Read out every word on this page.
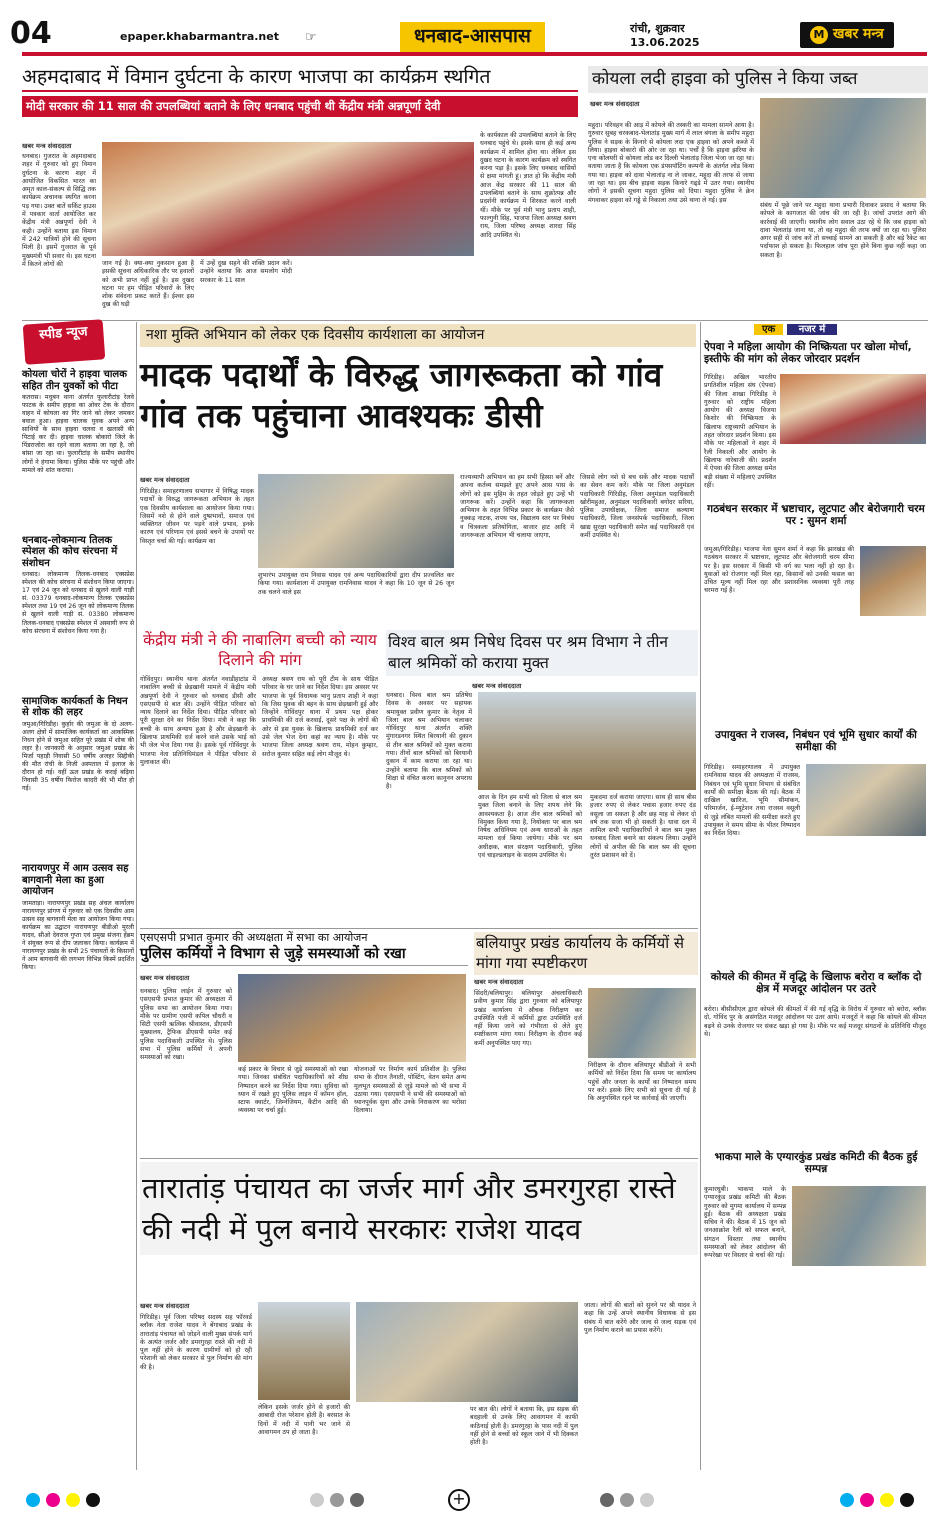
04	epaper.khabarmantra.net ☞	धनबाद-आसपास	रांची, शुक्रवार
13.06.2025
M खबर मन्त्र
अहमदाबाद में विमान दुर्घटना के कारण भाजपा का कार्यक्रम स्थगित
मोदी सरकार की 11 साल की उपलब्धियां बताने के लिए धनबाद पहुंची थी केंद्रीय मंत्री अन्नपूर्णा देवी
खबर मन्त्र संवाददाता
धनबाद। गुजरात के अहमदाबाद शहर में गुरुवार को हुए विमान दुर्घटना के कारण शहर में आयोजित विकसित भारत का अमृत काल-संकल्प से सिद्धि तक कार्यक्रम अचानक स्थगित करना पड़ गया। उक्त बातें सर्किट हाउस में पत्रकार वार्ता आयोजित कर केंद्रीय मंत्री अन्नपूर्णा देवी ने कही। उन्होंने बताया इस विमान में 242 यात्रियों होने की सूचना मिली है। इसमें गुजरात के पूर्व मुख्यमंत्री भी सवार थे। इस घटना में कितने लोगों की	जान गई है। क्या-क्या नुकसान हुआ है इसकी सूचना अधिकारिक तौर पर हवालों को अभी प्राप्त नहीं हुई है। इस दुखद घटना पर हम पीड़ित परिवारों के लिए शोक संवेदना प्रकट करते हैं। ईश्वर इस दुख की घड़ी
में उन्हें दुख सहने की शक्ति प्रदान करें। उन्होंने बताया कि आज समलोग मोदी सरकार के 11 साल
के कार्यकाल की उपलब्धियां बताने के लिए धनबाद पहुंचे थे। इसके साथ ही कई अन्य कार्यक्रम में शामिल होना था। लेकिन इस दुखद घटना के कारण कार्यक्रम को स्थगित करना पड़ा है। इसके लिए धनबाद वासियों से क्षमा मांगती हूं। ज्ञात हो कि केंद्रीय मंत्री आज केंद्र सरकार की 11 साल की उपलब्धियां बताने के साथ शुक्रोत्पन्न और प्रदर्शनी कार्यक्रम में शिरकत करने वाली थीं। मौके पर पूर्व मंत्री भानु प्रताप शाही, फाल्गुनी सिंह, भाजपा जिला अध्यक्ष श्रवण राय, जिला परिषद अध्यक्ष शारदा सिंह आदि उपस्थित थे।
कोयला लदी हाइवा को पुलिस ने किया जब्त
खबर मन्त्र संवाददाता
महुदा। परिवहन की आड़ में कोयले की तस्करी का मामला सामने आया है। गुरुवार सुबह चरकबाद-भेलातांड़ मुख्य मार्ग में लाल बंगला के समीप महुदा पुलिस ने सड़क के किनारे से कोयला लदा एक हाइवा को अपने कब्जे में लिया। हाइवा बोकारो की ओर जा रहा था। पर्चों है कि हाइवा झरिया के एना कोलयरी से कोयला लोड कर दिल्ली भेलातांड़ जिला भेजा जा रहा था। वताया जाता है कि कोयला एक डंपसपॉटिंग कम्पनी के अंतर्गत लोड किया गया था। हाइवा को दावा भेलातांड़ ना ले जाकर, महुदा की तरफ से जाया जा रहा था। इस बीच हाइवा सड़क किनारे गढ्डे में उतर गया। स्थानीय लोगों ने इसकी सूचना महुदा पुलिस को दिया। महुदा पुलिस ने क्रेन मंगवाकर हाइवा को गड्डे से निकाला तथा उसे थाना ले गई। इस
संबंध में पूछे जाने पर महुदा थाना प्रभारी दिवाकर प्रसाद ने बताया कि कोयले के कागजात की जांच की जा रही है। जांचों उपरांत आगे की कार्रवाई की जाएगी। स्थानीय लोग सवाल उठा रहे थे कि जब हाइवा को दावा भेलातांड़ जाना था, तो वह महुदा की तरफ क्यों जा रहा था। पुलिस अगर सही से जांच करें तो सच्चाई सामने आ सकती है और बड़े रैकेट का पर्दाफाश हो सकता है। फिलहाल जांच पूरा होने बिना कुछ नहीं कहा जा सकता है।
स्पीड न्यूज
कोयला चोरों ने हाइवा चालक सहित तीन युवकों को पीटा
कतरास। मधुबन थाना अंतर्गत फूलारीटांड़ रेलवे फाटक के समीप हाइवा का ओवर टेक के दौरान वाहन में कोयला का गिर जाने को लेकर जमकर बवाल हुआ। हाइवा चालक युवक अपने अन्य साथियों के साथ हाइवा चलवा व खलासी की पिटाई कर दी। हाइवा चालक बोकारो जिले के पिंडराजोरा का रहने वाला बताया जा रहा है, जो बांसा जा रहा था। फुलारीटांड़ के समीप स्थानीय लोगों ने हंगामा किया। पुलिस मौके पर पहुंची और मामले को शांत कराया।
धनबाद-लोकमान्य तिलक स्पेशल की कोच संरचना में संशोधन
धनबाद। लोकमान्य तिलक-धनबाद एक्सप्रेस स्पेशल की कोच संरचना में संशोधन किया जाएगा। 17 एवं 24 जून को धनबाद से खुलने वाली गाड़ी सं. 03379 धनबाद-लोकमान्य तिलक एक्सप्रेस स्पेशल तथा 19 एवं 26 जून को लोकमान्य तिलक से खुलने वाली गाड़ी सं. 03380 लोकमान्य तिलक-धनबाद एक्सप्रेस स्पेशल में अस्थायी रूप से कोच संरचना में संशोधन किया गया है।
सामाजिक कार्यकर्ता के निधन से शोक की लहर
जमुआ/गिरिडीह। कुर्हार की जमुआ के दो अलग-अलग क्षेत्रों में सामाजिक कार्यकर्ता का आकस्मिक निधन होने से जमुआ सहित पूरे प्रखंड में शोक की लहर है। जानकारी के अनुसार जमुआ प्रखंड के मिर्जा पहाड़ी निवासी 50 वर्षीय अजहर सिद्दीकी की मौत रांची के निजी अस्पताल में इलाज के दौरान हो गई। वहीं ऊल प्रखंड के कराई बढ़िया निवासी 35 वर्षीय फिरोज कादरी की भी मौत हो गई।
नारायणपुर में आम उत्सव सह बागवानी मेला का हुआ आयोजन
जामताड़ा। नारायणपुर प्रखंड सह अंचल कार्यालय नारायणपुर प्रांगण में गुरुवार को एक दिवसीय आम उत्सव सह बागवानी मेला का आयोजन किया गया। कार्यक्रम का उद्घाटन नारायणपुर बीडीओ मुरली यादव, सीओ देवराज गुप्ता एवं प्रमुख संजना हेंब्रम ने संयुक्त रूप से दीप जलाकर किया। कार्यक्रम में नारायणपुर प्रखंड के सभी 25 पंचायतों के किसानों ने आम बागवानी की लगभग विभिन्न किस्में प्रदर्शित किया।
नशा मुक्ति अभियान को लेकर एक दिवसीय कार्यशाला का आयोजन
मादक पदार्थों के विरुद्ध जागरूकता को गांव गांव तक पहुंचाना आवश्यकः डीसी
खबर मन्त्र संवाददाता
गिरिडीह। समाहरणालय सभागार में निषिद्ध मादक पदार्थों के विरुद्ध जागरूकता अभियान के तहत एक दिवसीय कार्यशाला का आयोजन किया गया। जिसमें नशे से होने वाले दुष्प्रभावों, समाज एवं व्यक्तिगत जीवन पर पड़ने वाले प्रभाव, इनके कारण एवं परिणाम एवं इससे बचने के उपायों पर विस्तृत चर्चा की गई। कार्यक्रम का
शुभारंभ उपायुक्त राम निवास यादव एवं अन्य पदाधिकारियों द्वारा दीप प्रज्वलित कर किया गया। कार्यशाला में उपायुक्त रामनिवास यादव ने कहा कि 10 जून से 26 जून तक चलने वाले इस
राज्यव्यापी अभियान का हम सभी हिस्सा बनें और अपना कर्तव्य समझते हुए अपने आस पास के लोगों को इस मुहिम के तहत जोड़ते हुए उन्हें भी जागरूक करें। उन्होंने कहा कि जागरूकता अभियान के तहत विभिन्न प्रकार के कार्यक्रम जैसे नुक्कड़ नाटक, शपथ पत्र, विद्यालय स्तर पर निबंध व चित्रकला प्रतियोगिता, बाजार हाट आदि में जागरूकता अभियान भी चलाया जाएगा,
जिससे लोग नशे से बच सकें और मादक पदार्थों का सेवन कम करें। मौके पर जिला अनुमंडल पदाधिकारी गिरिडीह, जिला अनुमंडल पदाधिकारी खोरीमहुआ, अनुमंडल पदाधिकारी बगोदर सरिया, पुलिस उपाधीक्षक, जिला समाज कल्याण पदाधिकारी, जिला जनसंपर्क पदाधिकारी, जिला खाद्य सुरक्षा पदाधिकारी समेत कई पदाधिकारी एवं कर्मी उपस्थित थे।
केंद्रीय मंत्री ने की नाबालिग बच्ची को न्याय दिलाने की मांग
गोविंदपुर। स्थानीय थाना अंतर्गत नवाडीहाटांड में नाबालिग बच्ची से छेड़खानी मामले में केंद्रीय मंत्री अन्नपूर्णा देवी ने गुरुवार को धनबाद डीसी और एसएसपी से बात की। उन्होंने पीड़ित परिवार को न्याय दिलाने का निर्देश दिया। पीड़ित परिवार को पूरी सुरक्षा देने का निर्देश दिया। मंत्री ने कहा कि बच्ची के साथ अन्याय हुआ है और छेड़खानी के खिलाफ प्राथमिकी दर्ज करने वाले उसके भाई को भी जेल भेज दिया गया है। इसके पूर्व गोविंदपुर के भाजपा नेता प्रतिनिधिमंडल ने पीड़ित परिवार से मुलाकात की।
अध्यक्ष श्रवण राय को पूरी टीम के साथ पीड़ित परिवार के घर जाने का निर्देश दिया। इस अवसर पर भाजपा के पूर्व विधायक भानु प्रताप शाही ने कहा कि जिस युवक की बहन के साथ छेड़खानी हुई और जिन्होंने गोविंदपुर थाना में प्रथम पक्ष होकर प्राथमिकी की दर्ज करवाई, दूसरे पक्ष के लोगों की ओर से इस युवक के खिलाफ प्राथमिकी दर्ज कर उसे जेल भेज देना कहां का न्याय है। मौके पर भाजपा जिला अध्यक्ष श्रवण राय, मोहन कुम्हार, सरोज कुमार सहित कई लोग मौजूद थे।
विश्व बाल श्रम निषेध दिवस पर श्रम विभाग ने तीन बाल श्रमिकों को कराया मुक्त
खबर मन्त्र संवाददाता
धनबाद। विश्व बाल श्रम प्रतिषेध दिवस के अवसर पर सहायक श्रमायुक्त प्रवीण कुमार के नेतृत्व में जिला बाल श्रम अभियान चलाकर गोविंदपुर थाना अंतर्गत शक्ति मुंगारडनगर स्थित बिरयानी की दुकान से तीन बाल श्रमिकों को मुक्त कराया गया। तीनों बाल श्रमिकों को बिरयानी दुकान में काम कराया जा रहा था। उन्होंने बताया कि बाल श्रमिकों को शिक्षा से वंचित करना कानूनन अपराध है।
आज के दिन हम सभी को जिला से बाल श्रम मुक्त जिला बनाने के लिए शपथ लेने कि आवश्यकता है। आज तीन बाल श्रमिकों को विमुक्त किया गया है, नियोक्ता पर बाल श्रम निषेध अधिनियम एवं अन्य धाराओं के तहत मामला दर्ज किया जायेगा। मौके पर श्रम अधीक्षक, बाल संरक्षण पदाधिकारी, पुलिस एवं चाइल्डलाइन के सदस्य उपस्थित थे।
मुकदमा दर्ज कराया जाएगा। साथ ही साथ बीस हजार रुपए से लेकर पचास हजार रुपए दंड वसूला जा सकता है और छह माह से लेकर दो वर्ष तक सजा भी हो सकती है। धावा दल में शामिल सभी पदाधिकारियों ने बाल श्रम मुक्त धनबाद जिला बनाने का संकल्प लिया। उन्होंने लोगों से अपील की कि बाल श्रम की सूचना तुरंत प्रशासन को दें।
एसएसपी प्रभात कुमार की अध्यक्षता में सभा का आयोजन
पुलिस कर्मियों ने विभाग से जुड़े समस्याओं को रखा
खबर मन्त्र संवाददाता
धनबाद। पुलिस लाईन में गुरुवार को एसएसपी प्रभात कुमार की अध्यक्षता में पुलिस सभा का आयोजन किया गया। मौके पर ग्रामीण एसपी कपिल चौधरी व सिटी एसपी ऋत्विक श्रीवास्तव, डीएसपी मुख्यालय, ट्रैफिक डीएसपी समेत कई पुलिस पदाधिकारी उपस्थित थे। पुलिस सभा में पुलिस कर्मियों ने अपनी समस्याओं को रखा।
कई प्रकार के विचार से जुड़े समस्याओं को रखा गया। जिनका संबंधित पदाधिकारियों को शीघ्र निष्पादन करने का निर्देश दिया गया। सुविधा को ध्यान में रखते हुए पुलिस लाइन में कॉमन हॉल, स्टाफ क्वार्टर, जिम्नेजियम, कैंटीन आदि की व्यवस्था पर चर्चा हुई।
योजनाओं पर निर्माण कार्य प्रतिशील है। पुलिस सभा के दौरान तैनाती, पोस्टिंग, वेतन समेत अन्य मूलभूत समस्याओं से जुड़े मामले को भी सभा में उठाया गया। एसएसपी ने सभी की समस्याओं को ध्यानपूर्वक सुना और उनके निराकरण का भरोसा दिलाया।
बलियापुर प्रखंड कार्यालय के कर्मियों से मांगा गया स्पष्टीकरण
खबर मन्त्र संवाददाता
सिंदरी/बलियापुर। बलियापुर अंचलाधिकारी प्रवीण कुमार सिंह द्वारा गुरुवार को बलियापुर प्रखंड कार्यालय में औचक निरीक्षण कर उपस्थिति पंजी में कर्मियों द्वारा उपस्थिति दर्ज नहीं किया जाने को गंभीरता से लेते हुए स्पष्टीकरण मांगा गया। निरीक्षण के दौरान कई कर्मी अनुपस्थित पाए गए।
निरीक्षण के दौरान बलियापुर बीडीओ ने सभी कर्मियों को निर्देश दिया कि समय पर कार्यालय पहुंचें और जनता के कार्यों का निष्पादन समय पर करें। इसके लिए सभी को सूचना दी गई है कि अनुपस्थित रहने पर कार्रवाई की जाएगी।
तारातांड़ पंचायत का जर्जर मार्ग और डमरगुरहा रास्ते की नदी में पुल बनाये सरकारः राजेश यादव
खबर मन्त्र संवाददाता
गिरिडीह। पूर्व जिला परिषद सदस्य सह फॉरवर्ड ब्लॉक नेता राजेश यादव ने बेंगाबाद प्रखंड के तारातांड़ पंचायत को जोड़ने वाली मुख्य संपर्क मार्ग के अत्यंत जर्जर और डमरगुरहा रास्ते की नदी में पुल नहीं होने के कारण ग्रामीणों को हो रही परेशानी को लेकर सरकार से पुल निर्माण की मांग की है।
लेकिन इसके जर्जर होने से हजारों की आबादी रोज परेशान होती है। बरसात के दिनों में नदी में पानी भर जाने से आवागमन ठप हो जाता है।
पर बात की। लोगों ने बताया कि, इस सड़क की बदहाली से उनके लिए आवागमन में काफी कठिनाई होती है। डमरगुरहा के पास नदी में पुल नहीं होने से बच्चों को स्कूल जाने में भी दिक्कत होती है।
जाता। लोगों की बातों को सुनने पर श्री यादव ने कहा कि उन्हें अपने स्थानीय विधायक से इस संबंध में बात करेंगे और जल्द से जल्द सड़क एवं पुल निर्माण कराने का प्रयास करेंगे।
एक नजर में
ऐपवा ने महिला आयोग की निष्क्रियता पर खोला मोर्चा, इस्तीफे की मांग को लेकर जोरदार प्रदर्शन
गिरिडीह। अखिल भारतीय प्रगतिशील महिला संघ (ऐपवा) की जिला शाखा गिरिडीह ने गुरुवार को राष्ट्रीय महिला आयोग की अध्यक्ष विजया किशोर की निष्क्रियता के खिलाफ राष्ट्रव्यापी अभियान के तहत जोरदार प्रदर्शन किया। इस मौके पर महिलाओं ने शहर में रैली निकाली और आयोग के खिलाफ नारेबाजी की। प्रदर्शन में ऐपवा की जिला अध्यक्ष समेत बड़ी संख्या में महिलाएं उपस्थित रहीं।
गठबंधन सरकार में भ्रष्टाचार, लूटपाट और बेरोजगारी चरम पर : सुमन शर्मा
जमुआ/गिरिडीह। भाजपा नेता सुमन शर्मा ने कहा कि झारखंड की गठबंधन सरकार में भ्रष्टाचार, लूटपाट और बेरोजगारी चरम सीमा पर है। इस सरकार में किसी भी वर्ग का भला नहीं हो रहा है। युवाओं को रोजगार नहीं मिल रहा, किसानों को उनकी फसल का उचित मूल्य नहीं मिल रहा और प्रशासनिक व्यवस्था पूरी तरह चरमरा गई है।
उपायुक्त ने राजस्व, निबंधन एवं भूमि सुधार कार्यों की समीक्षा की
गिरिडीह। समाहरणालय में उपायुक्त रामनिवास यादव की अध्यक्षता में राजस्व, निबंधन एवं भूमि सुधार विभाग से संबंधित कार्यों की समीक्षा बैठक की गई। बैठक में दाखिल खारिज, भूमि सीमांकन, परिमार्जन, ई-म्यूटेशन तथा राजस्व वसूली से जुड़े लंबित मामलों की समीक्षा करते हुए उपायुक्त ने समय सीमा के भीतर निष्पादन का निर्देश दिया।
कोयले की कीमत में वृद्धि के खिलाफ बरोरा व ब्लॉक दो क्षेत्र में मजदूर आंदोलन पर उतरे
बरोरा। बीसीसीएल द्वारा कोयले की कीमतों में की गई वृद्धि के विरोध में गुरुवार को बरोरा, ब्लॉक दो, गोविंद पुर के असंगठित मजदूर आंदोलन पर उतर आये। मजदूरों ने कहा कि कोयले की कीमत बढ़ने से उनके रोजगार पर संकट खड़ा हो गया है। मौके पर कई मजदूर संगठनों के प्रतिनिधि मौजूद थे।
भाकपा माले के एग्यारकुंड प्रखंड कमिटी की बैठक हुई सम्पन्न
कुमारधुबी। भाकपा माले के एग्यारकुंड प्रखंड कमिटी की बैठक गुरुवार को मुगमा कार्यालय में सम्पन्न हुई। बैठक की अध्यक्षता प्रखंड सचिव ने की। बैठक में 15 जून को जनआक्रोश रैली को सफल बनाने, संगठन विस्तार तथा स्थानीय समस्याओं को लेकर आंदोलन की रूपरेखा पर विस्तार से चर्चा की गई।
+
